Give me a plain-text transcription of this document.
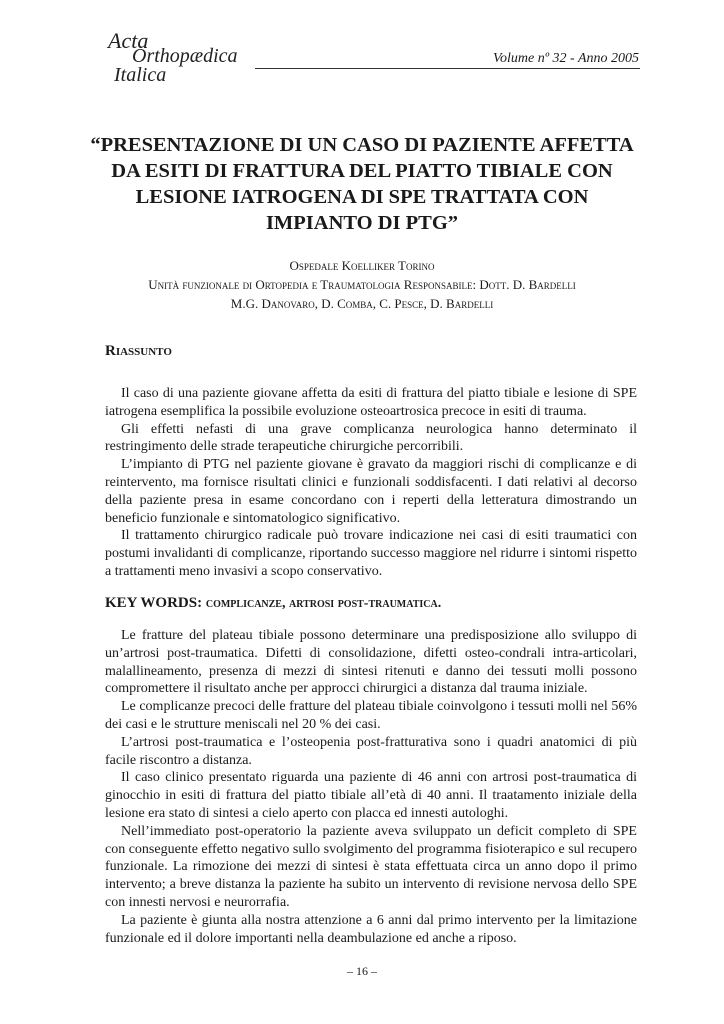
Acta
Orthopædica
Italica
Volume nº 32 - Anno 2005
“PRESENTAZIONE DI UN CASO DI PAZIENTE AFFETTA DA ESITI DI FRATTURA DEL PIATTO TIBIALE CON LESIONE IATROGENA DI SPE TRATTATA CON IMPIANTO DI PTG”
Ospedale Koelliker Torino
Unità funzionale di Ortopedia e Traumatologia Responsabile: Dott. D. Bardelli
M.G. Danovaro, D. Comba, C. Pesce, D. Bardelli
Riassunto

Il caso di una paziente giovane affetta da esiti di frattura del piatto tibiale e lesione di SPE iatrogena esemplifica la possibile evoluzione osteoartrosica precoce in esiti di trauma.

Gli effetti nefasti di una grave complicanza neurologica hanno determinato il restringimento delle strade terapeutiche chirurgiche percorribili.

L’impianto di PTG nel paziente giovane è gravato da maggiori rischi di complicanze e di reintervento, ma fornisce risultati clinici e funzionali soddisfacenti. I dati relativi al decorso della paziente presa in esame concordano con i reperti della letteratura dimostrando un beneficio funzionale e sintomatologico significativo.

Il trattamento chirurgico radicale può trovare indicazione nei casi di esiti traumatici con postumi invalidanti di complicanze, riportando successo maggiore nel ridurre i sintomi rispetto a trattamenti meno invasivi a scopo conservativo.

KEY WORDS: complicanze, artrosi post-traumatica.

Le fratture del plateau tibiale possono determinare una predisposizione allo sviluppo di un’artrosi post-traumatica. Difetti di consolidazione, difetti osteo-condrali intra-articolari, malallineamento, presenza di mezzi di sintesi ritenuti e danno dei tessuti molli possono compromettere il risultato anche per approcci chirurgici a distanza dal trauma iniziale.

Le complicanze precoci delle fratture del plateau tibiale coinvolgono i tessuti molli nel 56% dei casi e le strutture meniscali nel 20 % dei casi.

L’artrosi post-traumatica e l’osteopenia post-fratturativa sono i quadri anatomici di più facile riscontro a distanza.

Il caso clinico presentato riguarda una paziente di 46 anni con artrosi post-traumatica di ginocchio in esiti di frattura del piatto tibiale all’età di 40 anni. Il traatamento iniziale della lesione era stato di sintesi a cielo aperto con placca ed innesti autologhi.

Nell’immediato post-operatorio la paziente aveva sviluppato un deficit completo di SPE con conseguente effetto negativo sullo svolgimento del programma fisioterapico e sul recupero funzionale. La rimozione dei mezzi di sintesi è stata effettuata circa un anno dopo il primo intervento; a breve distanza la paziente ha subito un intervento di revisione nervosa dello SPE con innesti nervosi e neurorrafia.

La paziente è giunta alla nostra attenzione a 6 anni dal primo intervento per la limitazione funzionale ed il dolore importanti nella deambulazione ed anche a riposo.

– 16 –
